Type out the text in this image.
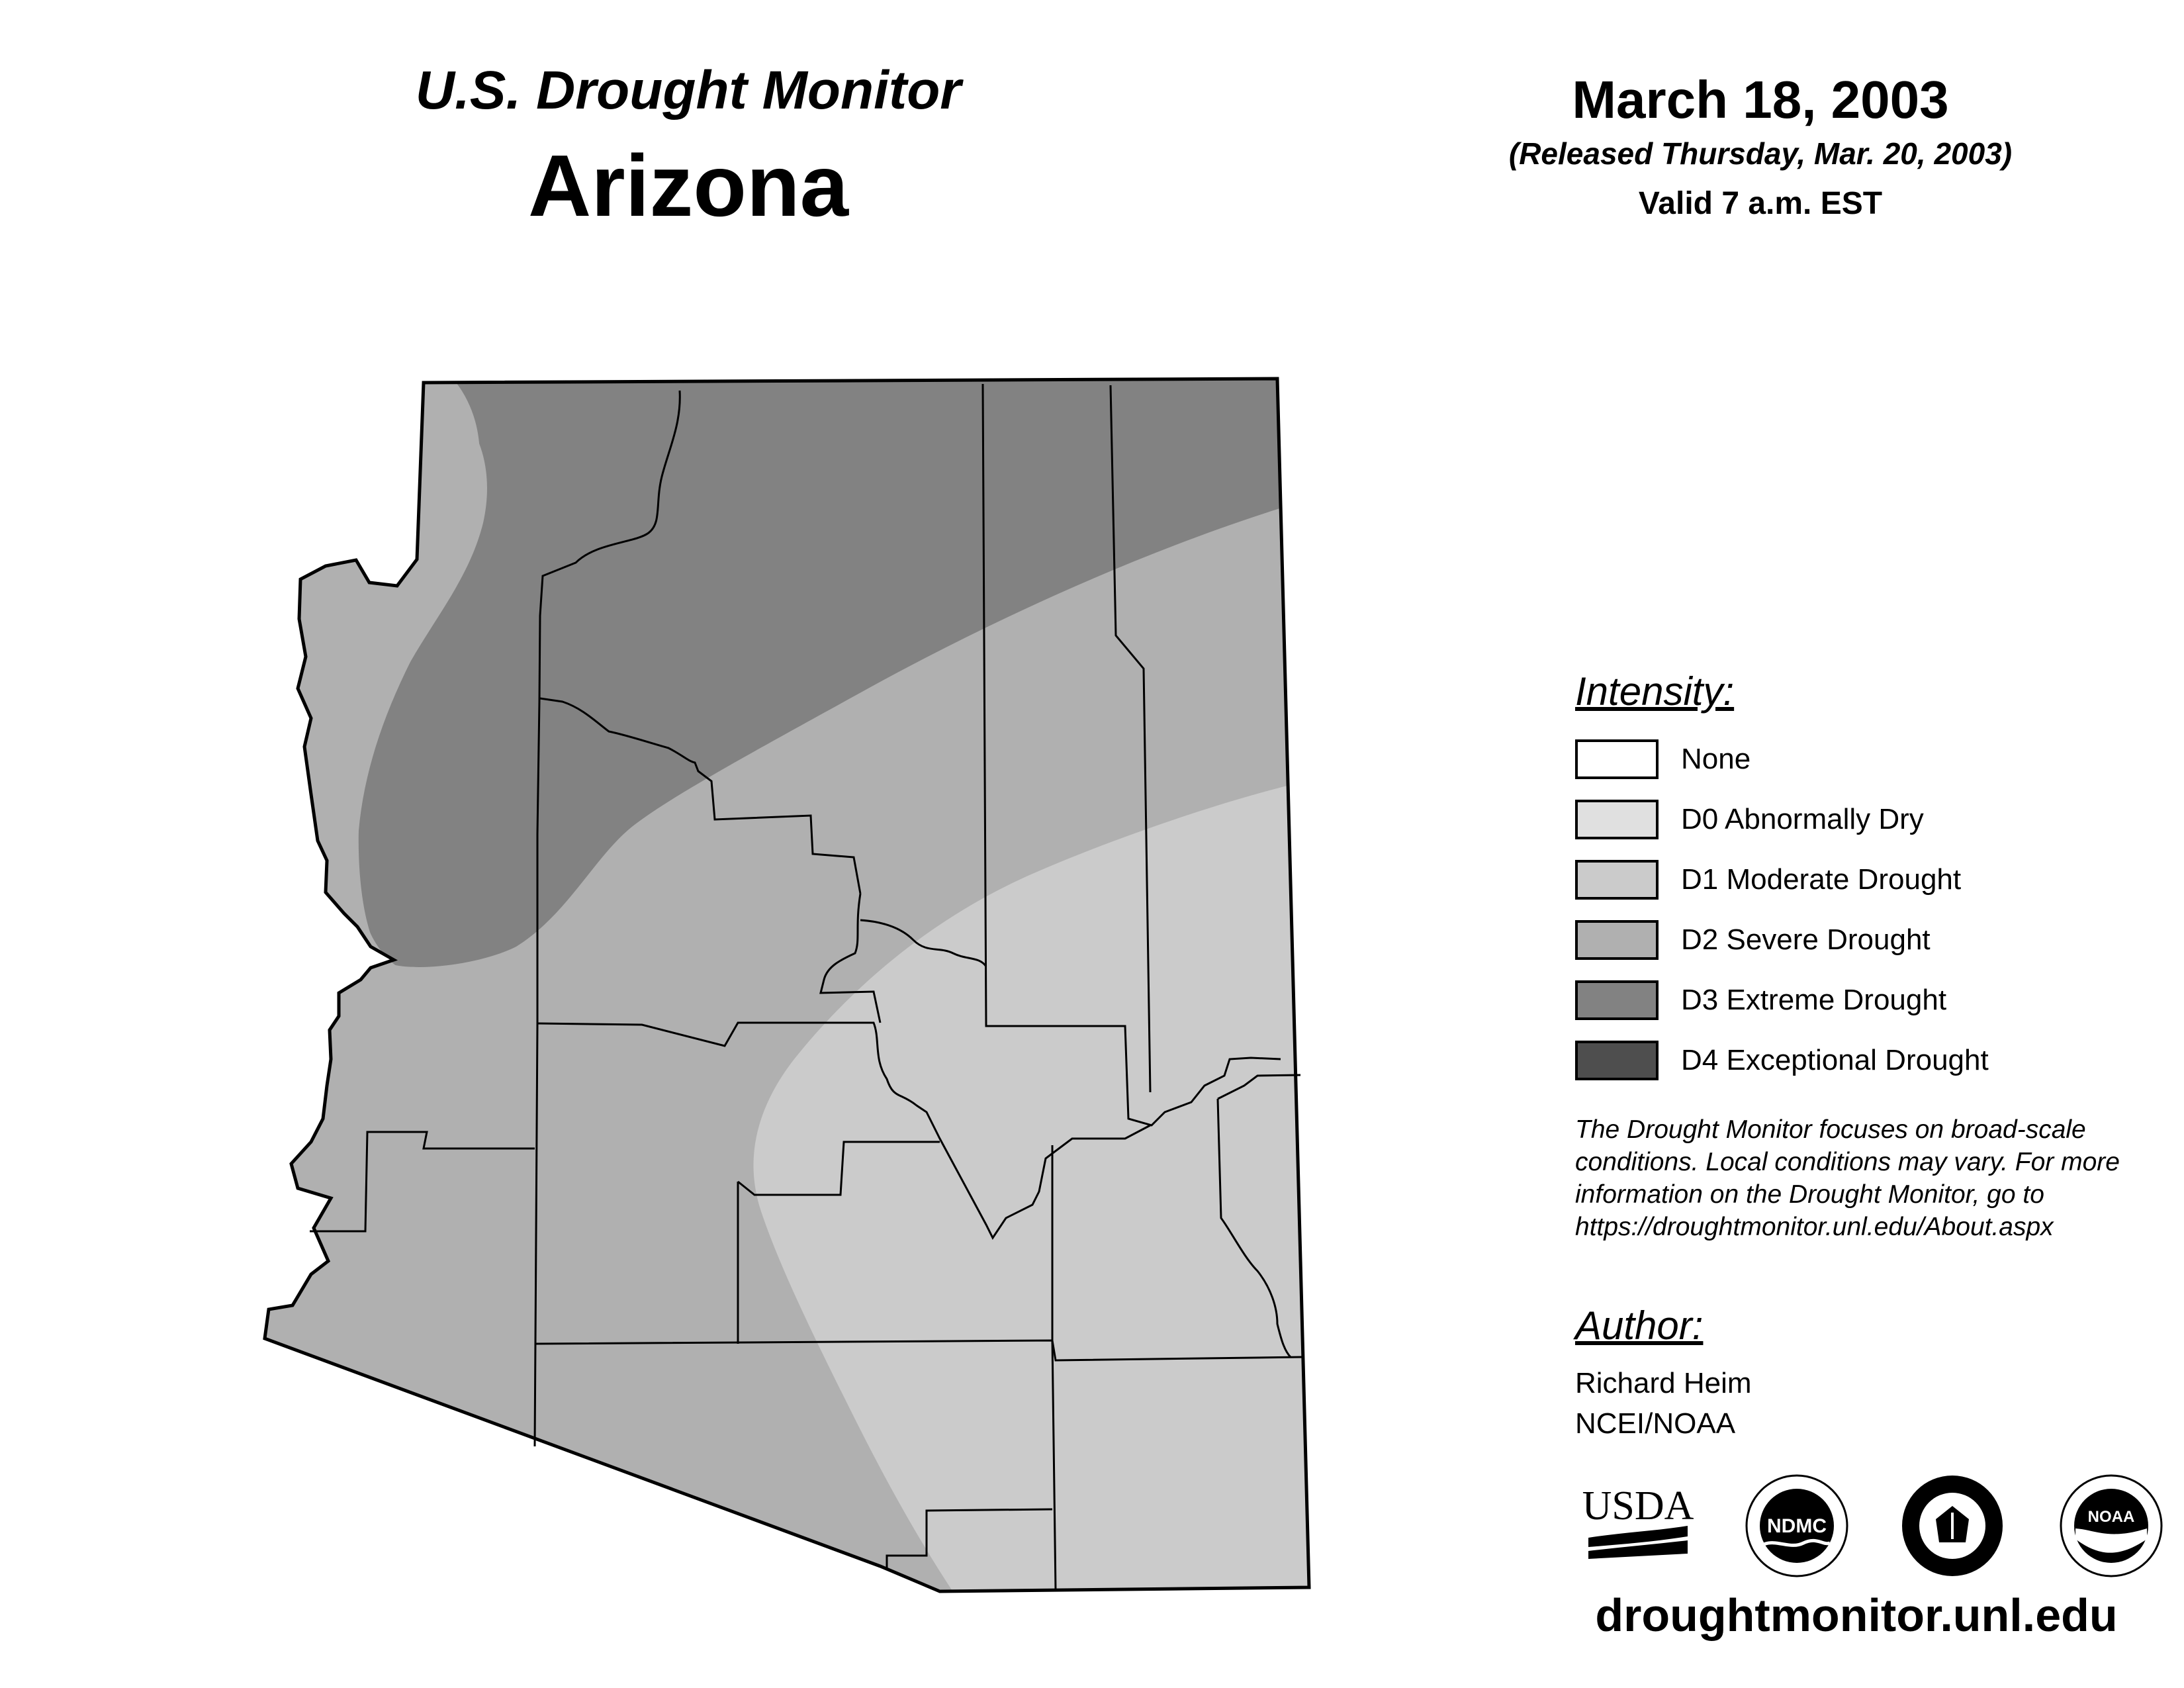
U.S. Drought Monitor
Arizona
March 18, 2003
(Released Thursday, Mar. 20, 2003)
Valid 7 a.m. EST
Intensity:
None
D0 Abnormally Dry
D1 Moderate Drought
D2 Severe Drought
D3 Extreme Drought
D4 Exceptional Drought
The Drought Monitor focuses on broad-scale
conditions. Local conditions may vary. For more
information on the Drought Monitor, go to
https://droughtmonitor.unl.edu/About.aspx
Author:
Richard Heim
NCEI/NOAA
USDA	NDMC	NOAA
droughtmonitor.unl.edu
